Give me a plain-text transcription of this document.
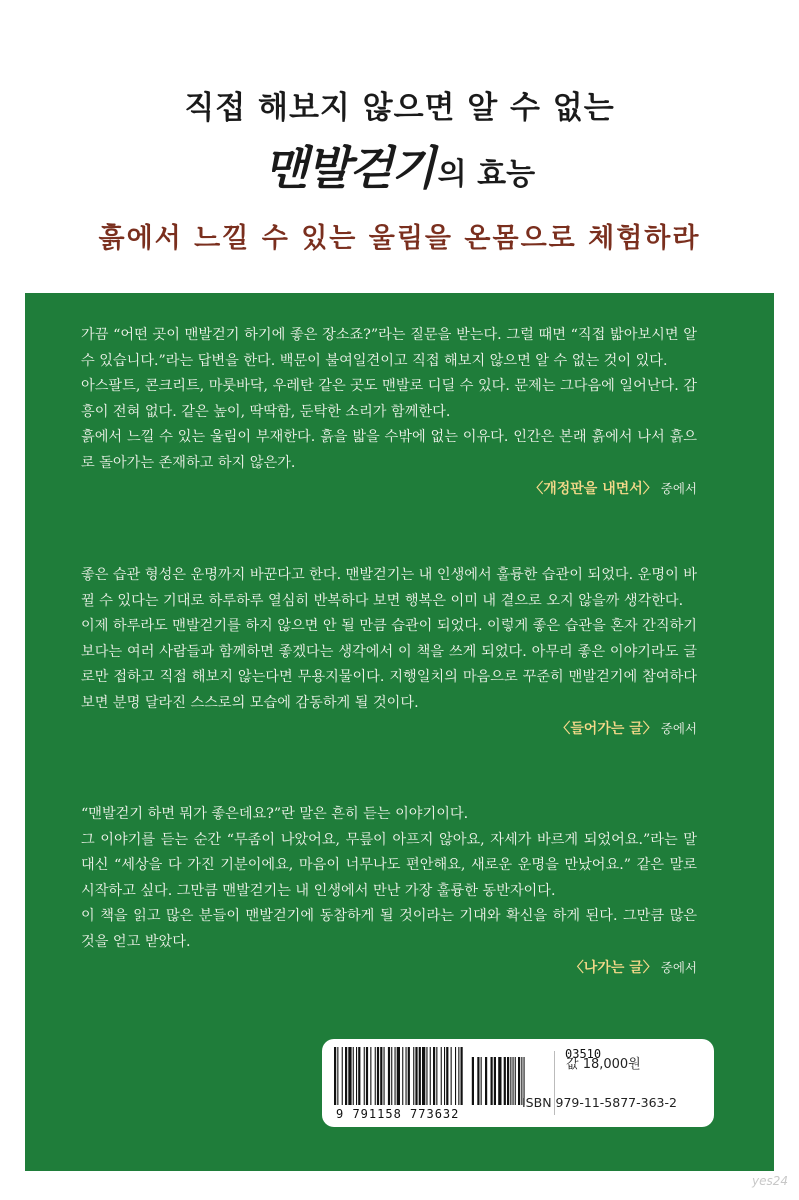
직접 해보지 않으면 알 수 없는
맨발걷기 의 효능
흙에서 느낄 수 있는 울림을 온몸으로 체험하라

가끔 “어떤 곳이 맨발걷기 하기에 좋은 장소죠?”라는 질문을 받는다. 그럴 때면 “직접 밟아보시면 알 수 있습니다.”라는 답변을 한다. 백문이 불여일견이고 직접 해보지 않으면 알 수 없는 것이 있다.

아스팔트, 콘크리트, 마룻바닥, 우레탄 같은 곳도 맨발로 디딜 수 있다. 문제는 그다음에 일어난다. 감흥이 전혀 없다. 같은 높이, 딱딱함, 둔탁한 소리가 함께한다.

흙에서 느낄 수 있는 울림이 부재한다. 흙을 밟을 수밖에 없는 이유다. 인간은 본래 흙에서 나서 흙으로 돌아가는 존재하고 하지 않은가.

〈개정판을 내면서〉 중에서

좋은 습관 형성은 운명까지 바꾼다고 한다. 맨발걷기는 내 인생에서 훌륭한 습관이 되었다. 운명이 바뀔 수 있다는 기대로 하루하루 열심히 반복하다 보면 행복은 이미 내 곁으로 오지 않을까 생각한다.

이제 하루라도 맨발걷기를 하지 않으면 안 될 만큼 습관이 되었다. 이렇게 좋은 습관을 혼자 간직하기보다는 여러 사람들과 함께하면 좋겠다는 생각에서 이 책을 쓰게 되었다. 아무리 좋은 이야기라도 글로만 접하고 직접 해보지 않는다면 무용지물이다. 지행일치의 마음으로 꾸준히 맨발걷기에 참여하다 보면 분명 달라진 스스로의 모습에 감동하게 될 것이다.

〈들어가는 글〉 중에서

“맨발걷기 하면 뭐가 좋은데요?”란 말은 흔히 듣는 이야기이다.

그 이야기를 듣는 순간 “무좀이 나았어요, 무릎이 아프지 않아요, 자세가 바르게 되었어요.”라는 말 대신 “세상을 다 가진 기분이에요, 마음이 너무나도 편안해요, 새로운 운명을 만났어요.” 같은 말로 시작하고 싶다. 그만큼 맨발걷기는 내 인생에서 만난 가장 훌륭한 동반자이다.

이 책을 읽고 많은 분들이 맨발걷기에 동참하게 될 것이라는 기대와 확신을 하게 된다. 그만큼 많은 것을 얻고 받았다.

〈나가는 글〉 중에서
03510
9 791158 773632
값 18,000원
ISBN 979-11-5877-363-2
yes24
